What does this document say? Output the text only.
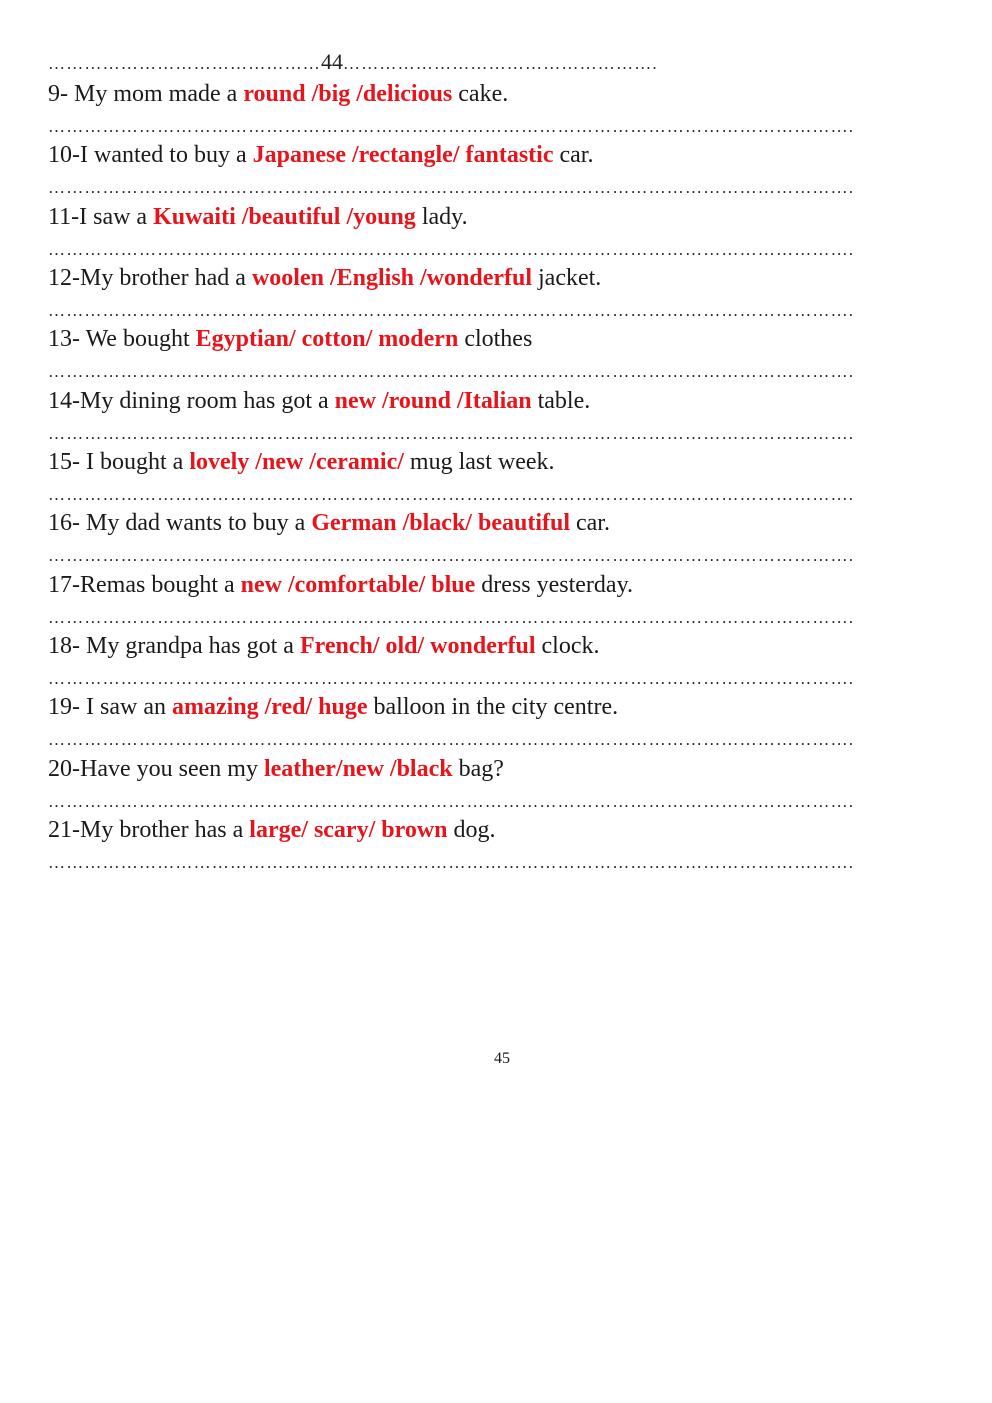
………………………………………44…………………………………………….
9- My mom made a round /big /delicious cake.
…………………………………………………………………………………………………………………….
10-I wanted to buy a Japanese /rectangle/ fantastic car.
…………………………………………………………………………………………………………………….
11-I saw a Kuwaiti /beautiful /young lady.
…………………………………………………………………………………………………………………….
12-My brother had a woolen /English /wonderful jacket.
…………………………………………………………………………………………………………………….
13- We bought Egyptian/ cotton/ modern clothes
…………………………………………………………………………………………………………………….
14-My dining room has got a new /round /Italian table.
…………………………………………………………………………………………………………………….
15- I bought a lovely /new /ceramic/ mug last week.
…………………………………………………………………………………………………………………….
16- My dad wants to buy a German /black/ beautiful car.
…………………………………………………………………………………………………………………….
17-Remas bought a new /comfortable/ blue dress yesterday.
…………………………………………………………………………………………………………………….
18- My grandpa has got a French/ old/ wonderful clock.
…………………………………………………………………………………………………………………….
19- I saw an amazing /red/ huge balloon in the city centre.
…………………………………………………………………………………………………………………….
20-Have you seen my leather/new /black bag?
…………………………………………………………………………………………………………………….
21-My brother has a large/ scary/ brown dog.
…………………………………………………………………………………………………………………….
45
